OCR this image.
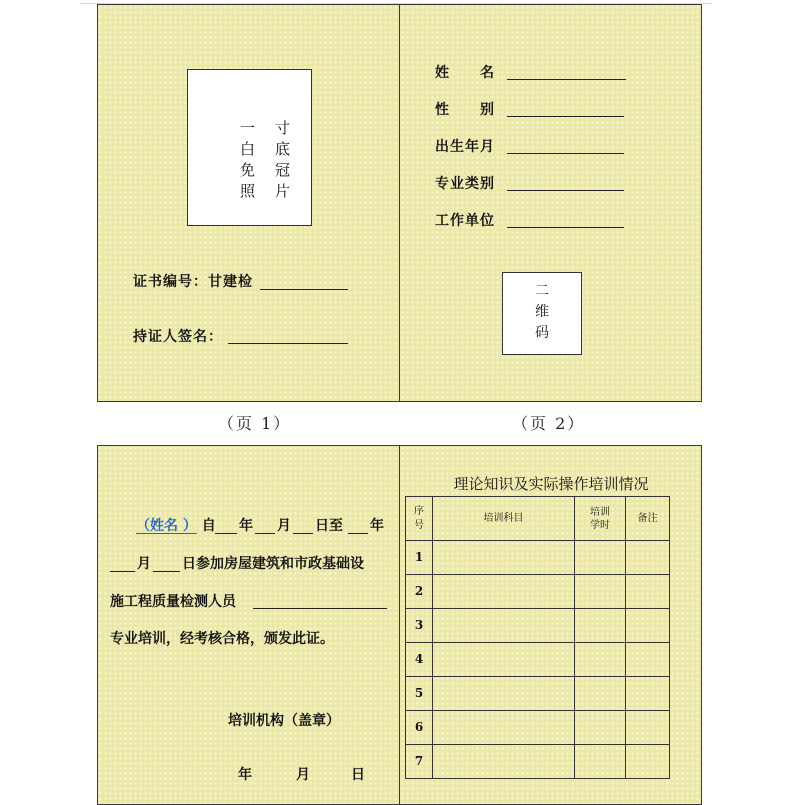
一	寸
白	底
免	冠
照	片
证书编号：甘建检
持证人签名：
姓　　名
性　　别
出生年月
专业类别
工作单位
二
维
码
（页 1）	（页 2）
（姓名 ） 自 年 月 日至 年
月 日参加房屋建筑和市政基础设
施工程质量检测人员
专业培训，经考核合格，颁发此证。
培训机构（盖章）
年	月	日
理论知识及实际操作培训情况
序号	培训科目	培训学时	备注
1			
2			
3			
4			
5			
6			
7			
